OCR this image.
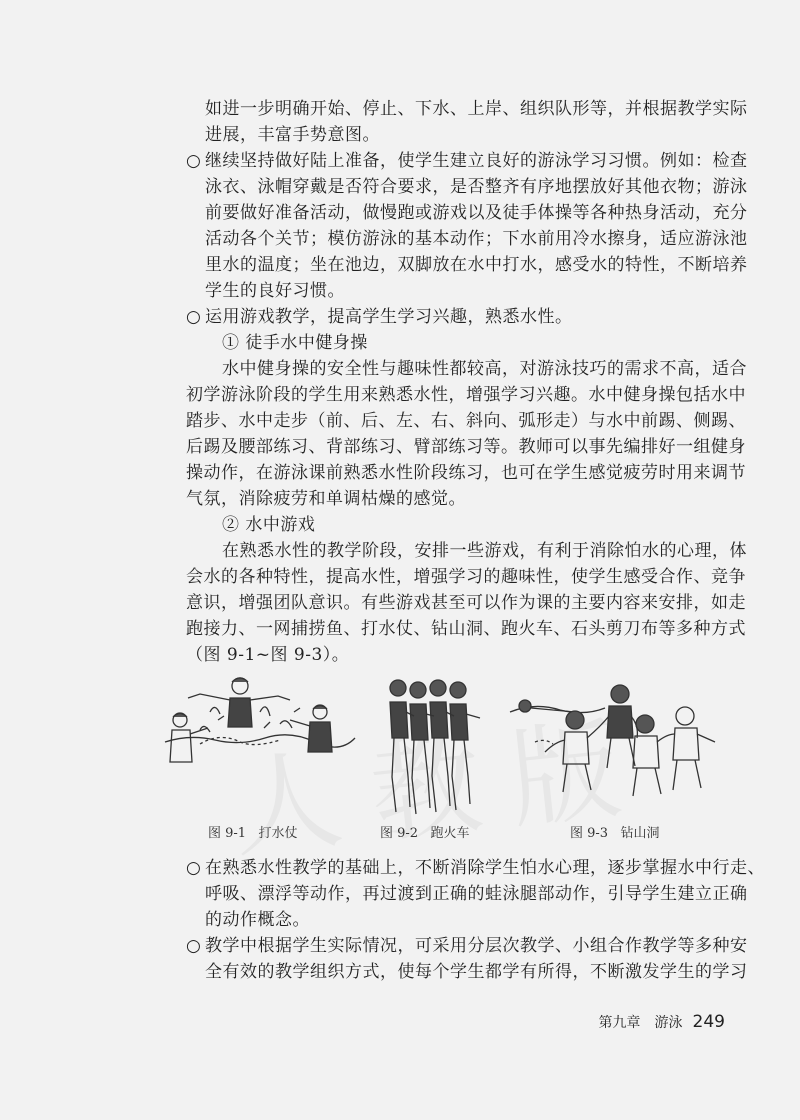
如进一步明确开始、停止、下水、上岸、组织队形等，并根据教学实际
进展，丰富手势意图。
○ 继续坚持做好陆上准备，使学生建立良好的游泳学习习惯。例如：检查
泳衣、泳帽穿戴是否符合要求，是否整齐有序地摆放好其他衣物；游泳
前要做好准备活动，做慢跑或游戏以及徒手体操等各种热身活动，充分
活动各个关节；模仿游泳的基本动作；下水前用冷水擦身，适应游泳池
里水的温度；坐在池边，双脚放在水中打水，感受水的特性，不断培养
学生的良好习惯。
○ 运用游戏教学，提高学生学习兴趣，熟悉水性。
① 徒手水中健身操
水中健身操的安全性与趣味性都较高，对游泳技巧的需求不高，适合
初学游泳阶段的学生用来熟悉水性，增强学习兴趣。水中健身操包括水中
踏步、水中走步（前、后、左、右、斜向、弧形走）与水中前踢、侧踢、
后踢及腰部练习、背部练习、臂部练习等。教师可以事先编排好一组健身
操动作，在游泳课前熟悉水性阶段练习，也可在学生感觉疲劳时用来调节
气氛，消除疲劳和单调枯燥的感觉。
② 水中游戏
在熟悉水性的教学阶段，安排一些游戏，有利于消除怕水的心理，体
会水的各种特性，提高水性，增强学习的趣味性，使学生感受合作、竞争
意识，增强团队意识。有些游戏甚至可以作为课的主要内容来安排，如走
跑接力、一网捕捞鱼、打水仗、钻山洞、跑火车、石头剪刀布等多种方式
（图 9-1~图 9-3）。
图 9-1 打水仗	图 9-2 跑火车	图 9-3 钻山洞
○ 在熟悉水性教学的基础上，不断消除学生怕水心理，逐步掌握水中行走、
呼吸、漂浮等动作，再过渡到正确的蛙泳腿部动作，引导学生建立正确
的动作概念。
○ 教学中根据学生实际情况，可采用分层次教学、小组合作教学等多种安
全有效的教学组织方式，使每个学生都学有所得，不断激发学生的学习
第九章　游泳 249
